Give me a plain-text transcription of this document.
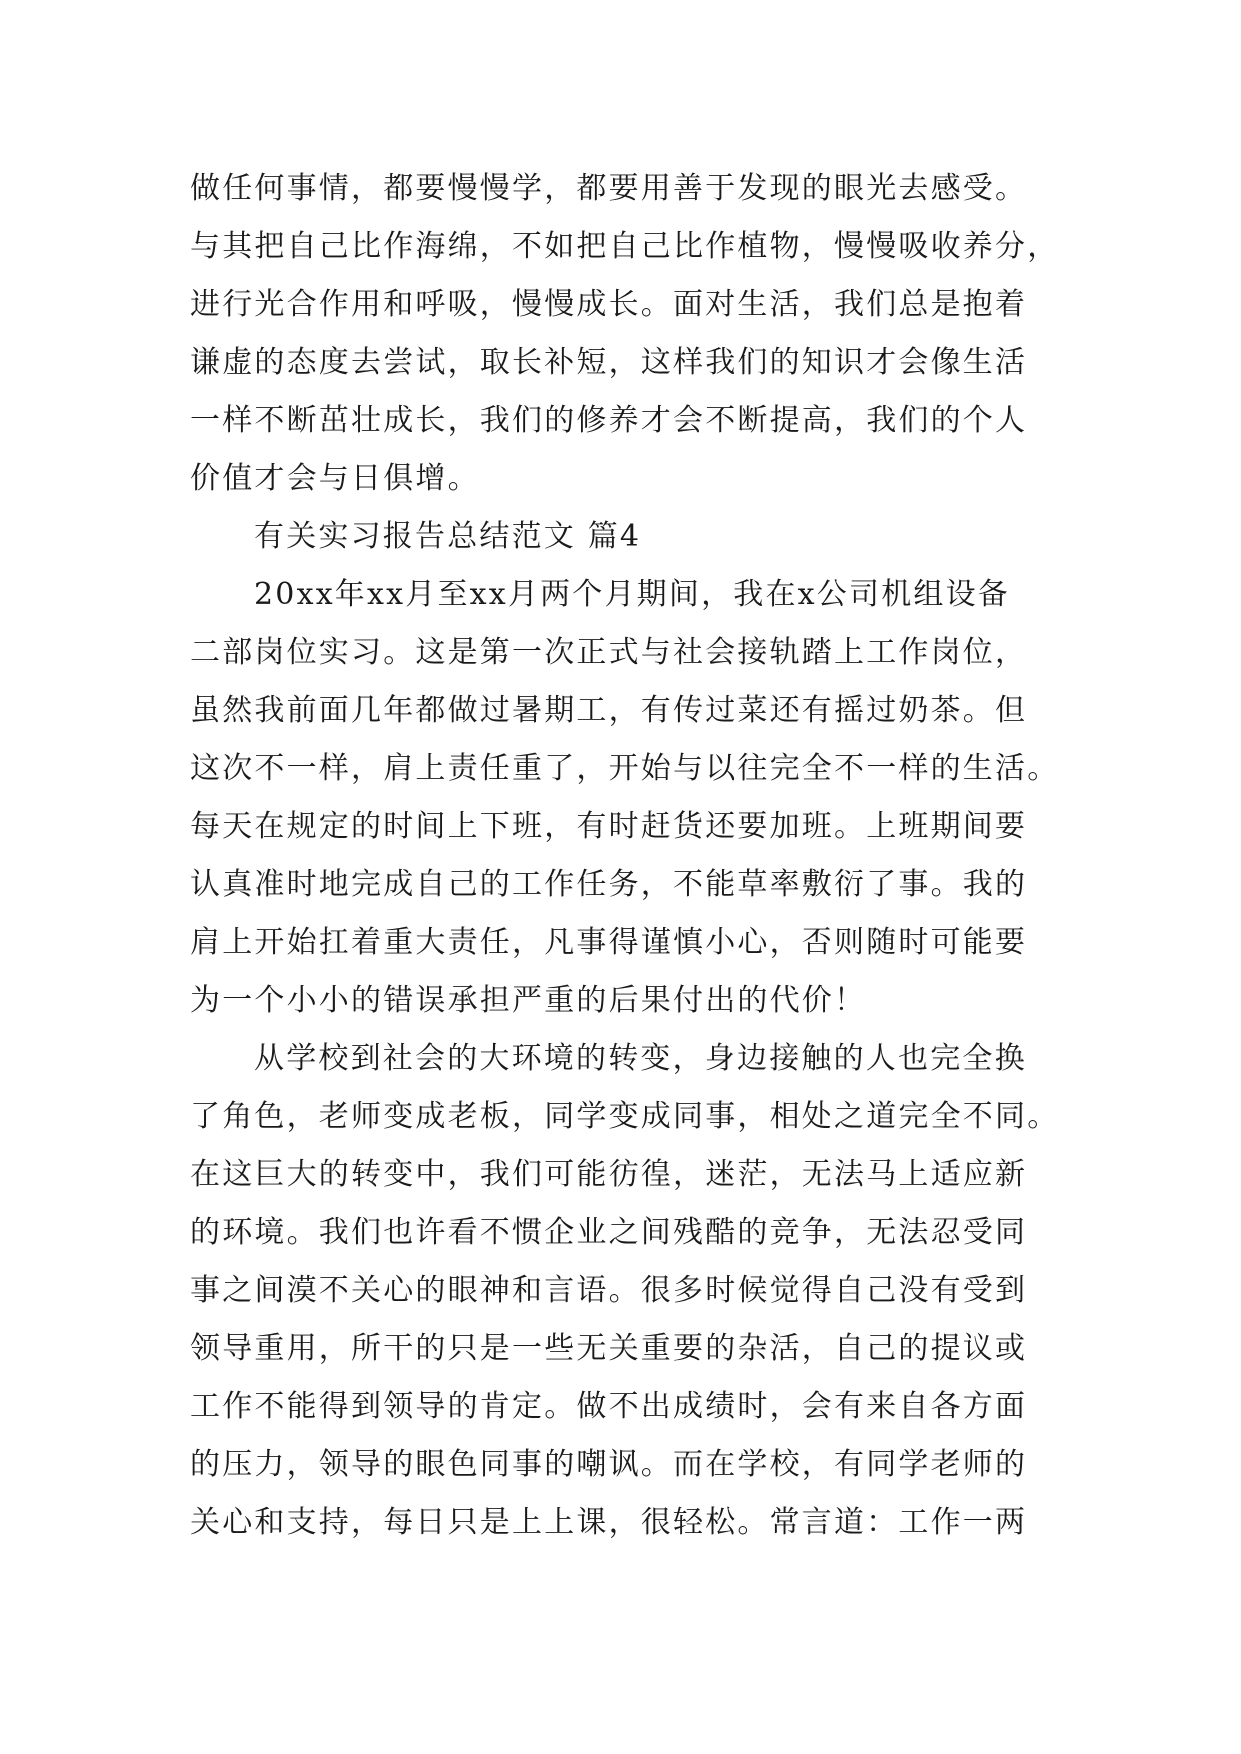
做任何事情，都要慢慢学，都要用善于发现的眼光去感受。
与其把自己比作海绵，不如把自己比作植物，慢慢吸收养分，
进行光合作用和呼吸，慢慢成长。面对生活，我们总是抱着
谦虚的态度去尝试，取长补短，这样我们的知识才会像生活
一样不断茁壮成长，我们的修养才会不断提高，我们的个人
价值才会与日俱增。
有关实习报告总结范文 篇4
20xx年xx月至xx月两个月期间，我在x公司机组设备
二部岗位实习。这是第一次正式与社会接轨踏上工作岗位，
虽然我前面几年都做过暑期工，有传过菜还有摇过奶茶。但
这次不一样，肩上责任重了，开始与以往完全不一样的生活。
每天在规定的时间上下班，有时赶货还要加班。上班期间要
认真准时地完成自己的工作任务，不能草率敷衍了事。我的
肩上开始扛着重大责任，凡事得谨慎小心，否则随时可能要
为一个小小的错误承担严重的后果付出的代价！
从学校到社会的大环境的转变，身边接触的人也完全换
了角色，老师变成老板，同学变成同事，相处之道完全不同。
在这巨大的转变中，我们可能彷徨，迷茫，无法马上适应新
的环境。我们也许看不惯企业之间残酷的竞争，无法忍受同
事之间漠不关心的眼神和言语。很多时候觉得自己没有受到
领导重用，所干的只是一些无关重要的杂活，自己的提议或
工作不能得到领导的肯定。做不出成绩时，会有来自各方面
的压力，领导的眼色同事的嘲讽。而在学校，有同学老师的
关心和支持，每日只是上上课，很轻松。常言道：工作一两
